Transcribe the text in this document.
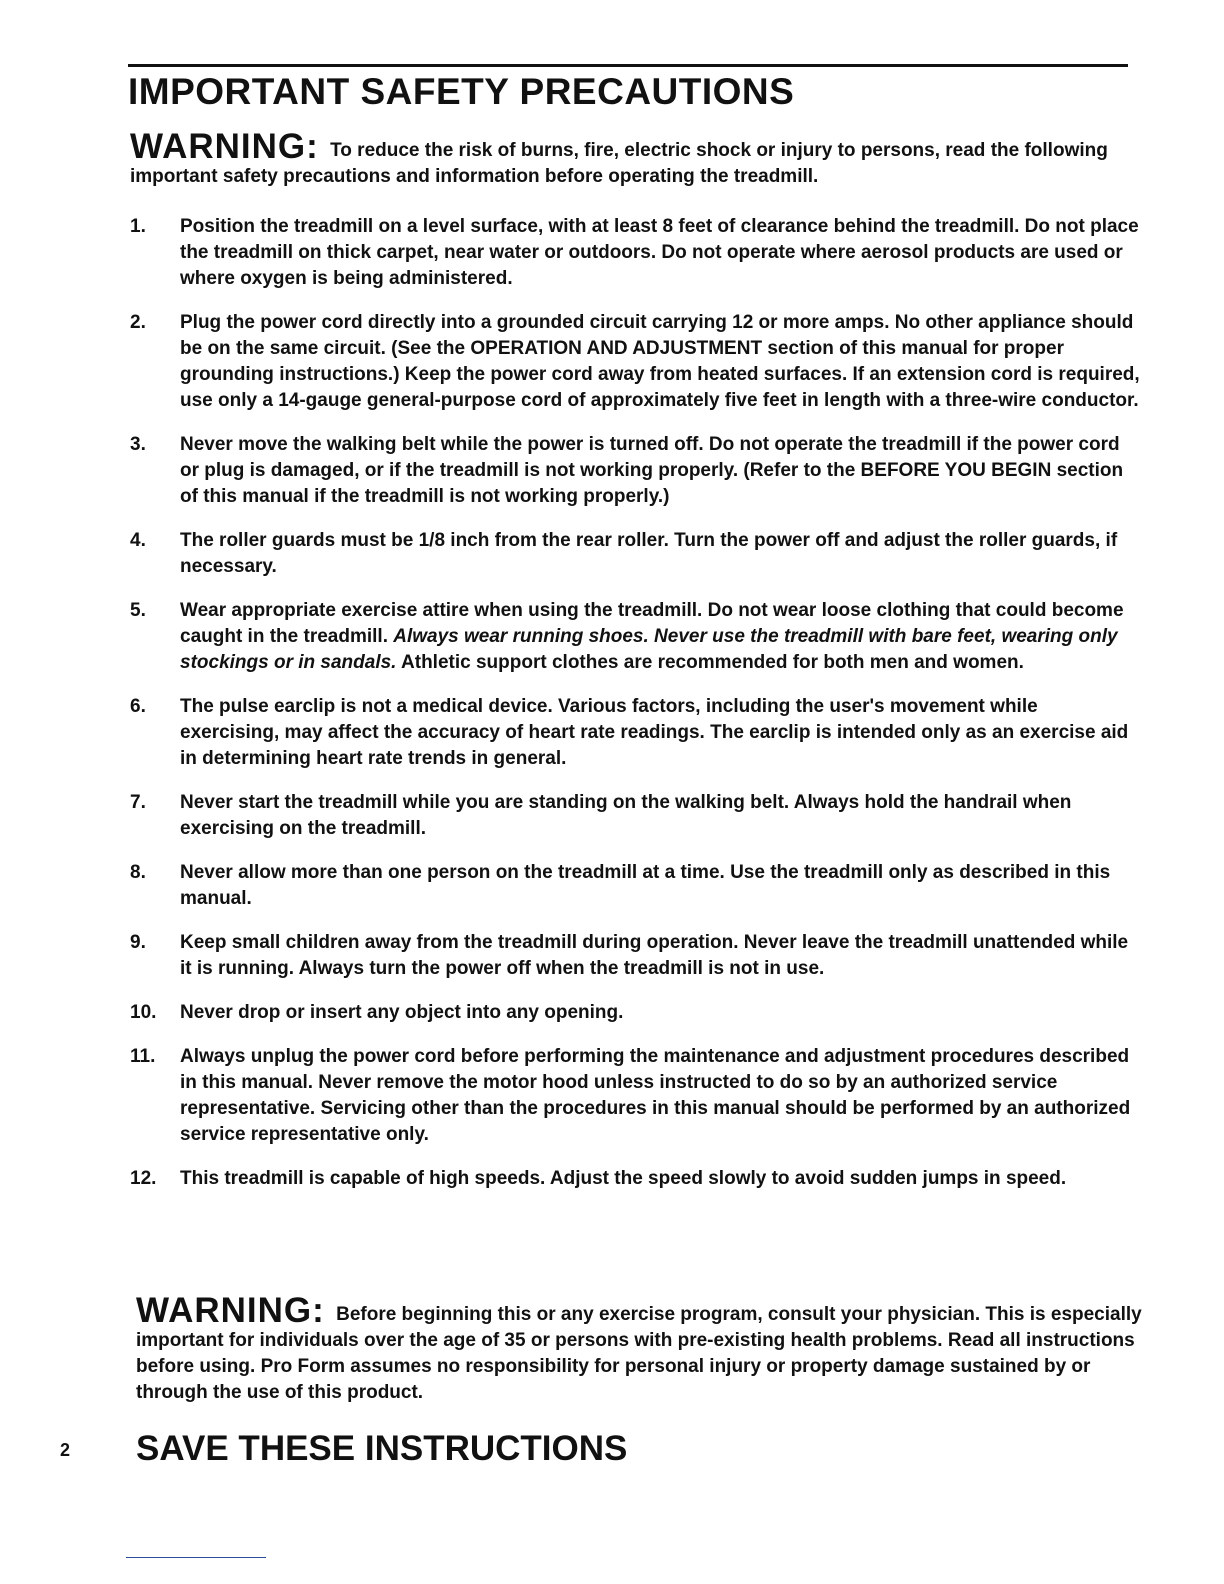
IMPORTANT SAFETY PRECAUTIONS
WARNING: To reduce the risk of burns, fire, electric shock or injury to persons, read the following important safety precautions and information before operating the treadmill.
1.	Position the treadmill on a level surface, with at least 8 feet of clearance behind the treadmill. Do not place the treadmill on thick carpet, near water or outdoors. Do not operate where aerosol products are used or where oxygen is being administered.
2.	Plug the power cord directly into a grounded circuit carrying 12 or more amps. No other appliance should be on the same circuit. (See the OPERATION AND ADJUSTMENT section of this manual for proper grounding instructions.) Keep the power cord away from heated surfaces. If an extension cord is required, use only a 14-gauge general-purpose cord of approximately five feet in length with a three-wire conductor.
3.	Never move the walking belt while the power is turned off. Do not operate the treadmill if the power cord or plug is damaged, or if the treadmill is not working properly. (Refer to the BEFORE YOU BEGIN section of this manual if the treadmill is not working properly.)
4.	The roller guards must be 1/8 inch from the rear roller. Turn the power off and adjust the roller guards, if necessary.
5.	Wear appropriate exercise attire when using the treadmill. Do not wear loose clothing that could become caught in the treadmill. Always wear running shoes. Never use the treadmill with bare feet, wearing only stockings or in sandals. Athletic support clothes are recommended for both men and women.
6.	The pulse earclip is not a medical device. Various factors, including the user's movement while exercising, may affect the accuracy of heart rate readings. The earclip is intended only as an exercise aid in determining heart rate trends in general.
7.	Never start the treadmill while you are standing on the walking belt. Always hold the handrail when exercising on the treadmill.
8.	Never allow more than one person on the treadmill at a time. Use the treadmill only as described in this manual.
9.	Keep small children away from the treadmill during operation. Never leave the treadmill unattended while it is running. Always turn the power off when the treadmill is not in use.
10.	Never drop or insert any object into any opening.
11.	Always unplug the power cord before performing the maintenance and adjustment procedures described in this manual. Never remove the motor hood unless instructed to do so by an authorized service representative. Servicing other than the procedures in this manual should be performed by an authorized service representative only.
12.	This treadmill is capable of high speeds. Adjust the speed slowly to avoid sudden jumps in speed.
WARNING: Before beginning this or any exercise program, consult your physician. This is especially important for individuals over the age of 35 or persons with pre-existing health problems. Read all instructions before using. Pro Form assumes no responsibility for personal injury or property damage sustained by or through the use of this product.
2 SAVE THESE INSTRUCTIONS
